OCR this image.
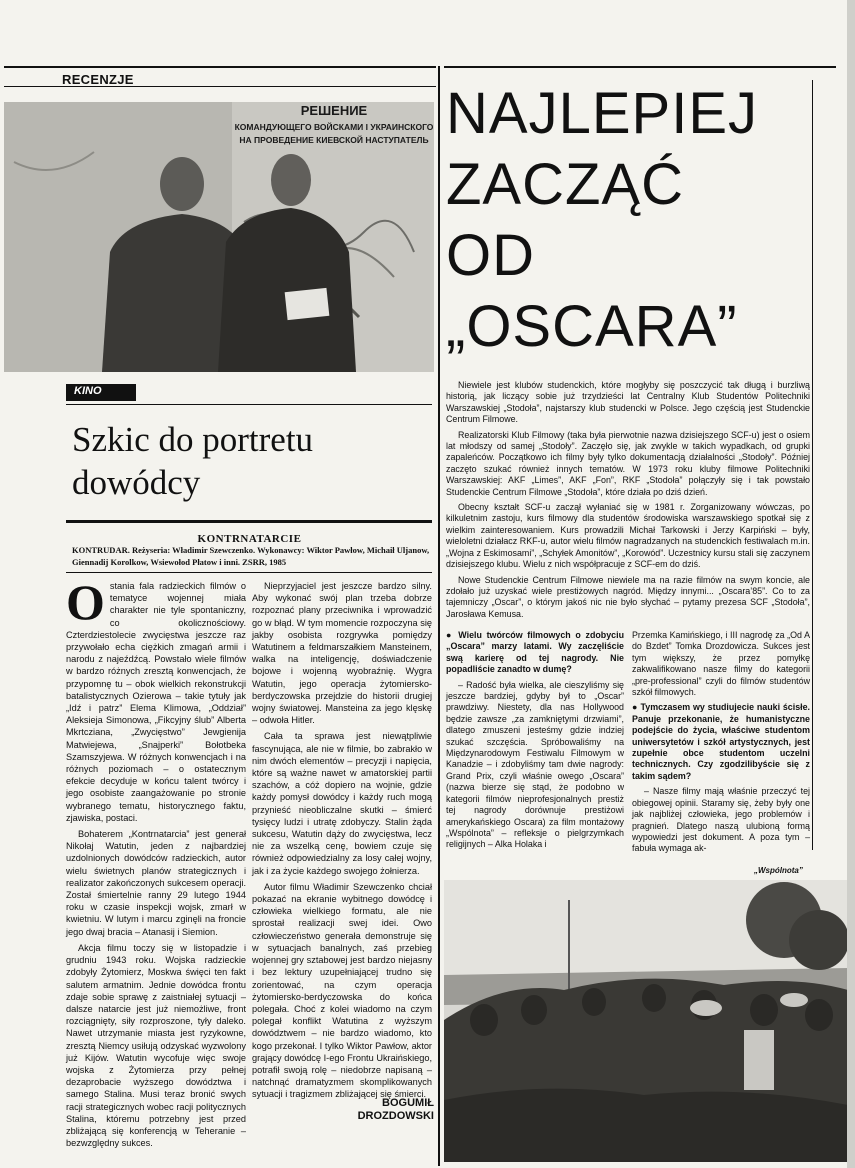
RECENZJE
РЕШЕНИЕ
КОМАНДУЮЩЕГО ВОЙСКАМИ I УКРАИНСКОГО
НА ПРОВЕДЕНИЕ КИЕВСКОЙ НАСТУПАТЕЛЬ
KINO
Szkic do portretu
dowódcy
KONTRNATARCIE
KONTRUDAR. Reżyseria: Władimir Szewczenko. Wykonawcy: Wiktor Pawłow, Michaił Uljanow, Giennadij Korolkow, Wsiewołod Płatow i inni. ZSRR, 1985

Ostania fala radzieckich filmów o tematyce wojennej miała charakter nie tyle spontaniczny, co okolicznościowy. Czterdziestolecie zwycięstwa jeszcze raz przywołało echa ciężkich zmagań armii i narodu z najeźdźcą. Powstało wiele filmów w bardzo różnych zresztą konwencjach, że przypomnę tu – obok wielkich rekonstrukcji batalistycznych Ozierowa – takie tytuły jak „Idź i patrz” Elema Klimowa, „Oddział” Aleksieja Simonowa, „Fikcyjny ślub” Alberta Mkrtcziana, „Zwycięstwo” Jewgienija Matwiejewa, „Snajperki” Bołotbeka Szamszyjewa. W różnych konwencjach i na różnych poziomach – o ostatecznym efekcie decyduje w końcu talent twórcy i jego osobiste zaangażowanie po stronie wybranego tematu, historycznego faktu, zjawiska, postaci.

Bohaterem „Kontrnatarcia” jest generał Nikołaj Watutin, jeden z najbardziej uzdolnionych dowódców radzieckich, autor wielu świetnych planów strategicznych i realizator zakończonych sukcesem operacji. Został śmiertelnie ranny 29 lutego 1944 roku w czasie inspekcji wojsk, zmarł w kwietniu. W lutym i marcu zginęli na froncie jego dwaj bracia – Atanasij i Siemion.

Akcja filmu toczy się w listopadzie i grudniu 1943 roku. Wojska radzieckie zdobyły Żytomierz, Moskwa święci ten fakt salutem armatnim. Jednie dowódca frontu zdaje sobie sprawę z zaistniałej sytuacji – dalsze natarcie jest już niemożliwe, front rozciągnięty, siły rozproszone, tyły daleko. Nawet utrzymanie miasta jest ryzykowne, zresztą Niemcy usiłują odzyskać wyzwolony już Kijów. Watutin wycofuje więc swoje wojska z Żytomierza przy pełnej dezaprobacie wyższego dowództwa i samego Stalina. Musi teraz bronić swych racji strategicznych wobec racji politycznych Stalina, któremu potrzebny jest przed zbliżającą się konferencją w Teheranie – bezwzględny sukces.

Nieprzyjaciel jest jeszcze bardzo silny. Aby wykonać swój plan trzeba dobrze rozpoznać plany przeciwnika i wprowadzić go w błąd. W tym momencie rozpoczyna się jakby osobista rozgrywka pomiędzy Watutinem a feldmarszałkiem Mansteinem, walka na inteligencję, doświadczenie bojowe i wojenną wyobraźnię. Wygra Watutin, jego operacja żytomiersko-berdyczowska przejdzie do historii drugiej wojny światowej. Mansteina za jego klęskę – odwoła Hitler.

Cała ta sprawa jest niewątpliwie fascynująca, ale nie w filmie, bo zabrakło w nim dwóch elementów – precyzji i napięcia, które są ważne nawet w amatorskiej partii szachów, a cóż dopiero na wojnie, gdzie każdy pomysł dowódcy i każdy ruch mogą przynieść nieobliczalne skutki – śmierć tysięcy ludzi i utratę zdobyczy. Stalin żąda sukcesu, Watutin dąży do zwycięstwa, lecz nie za wszelką cenę, bowiem czuje się również odpowiedzialny za losy całej wojny, jak i za życie każdego swojego żołnierza.

Autor filmu Władimir Szewczenko chciał pokazać na ekranie wybitnego dowódcę i człowieka wielkiego formatu, ale nie sprostał realizacji swej idei. Owo człowieczeństwo generała demonstruje się w sytuacjach banalnych, zaś przebieg wojennej gry sztabowej jest bardzo niejasny i bez lektury uzupełniającej trudno się zorientować, na czym operacja żytomiersko-berdyczowska do końca polegała. Choć z kolei wiadomo na czym polegał konflikt Watutina z wyższym dowództwem – nie bardzo wiadomo, kto kogo przekonał. I tylko Wiktor Pawłow, aktor grający dowódcę I-ego Frontu Ukraińskiego, potrafił swoją rolę – niedobrze napisaną – natchnąć dramatyzmem skomplikowanych sytuacji i tragizmem zbliżającej się śmierci.

BOGUMIŁ
DROZDOWSKI
NAJLEPIEJ
ZACZĄĆ
OD
„OSCARA”

Niewiele jest klubów studenckich, które mogłyby się poszczycić tak długą i burzliwą historią, jak liczący sobie już trzydzieści lat Centralny Klub Studentów Politechniki Warszawskiej „Stodoła”, najstarszy klub studencki w Polsce. Jego częścią jest Studenckie Centrum Filmowe.

Realizatorski Klub Filmowy (taka była pierwotnie nazwa dzisiejszego SCF-u) jest o osiem lat młodszy od samej „Stodoły”. Zaczęło się, jak zwykle w takich wypadkach, od grupki zapaleńców. Początkowo ich filmy były tylko dokumentacją działalności „Stodoły”. Później zaczęto szukać również innych tematów. W 1973 roku kluby filmowe Politechniki Warszawskiej: AKF „Limes”, AKF „Fon”, RKF „Stodoła” połączyły się i tak powstało Studenckie Centrum Filmowe „Stodoła”, które działa po dziś dzień.

Obecny kształt SCF-u zaczął wyłaniać się w 1981 r. Zorganizowany wówczas, po kilkuletnim zastoju, kurs filmowy dla studentów środowiska warszawskiego spotkał się z wielkim zainteresowaniem. Kurs prowadzili Michał Tarkowski i Jerzy Karpiński – były, wieloletni działacz RKF-u, autor wielu filmów nagradzanych na studenckich festiwalach m.in. „Wojna z Eskimosami”, „Schyłek Amonitów”, „Korowód”. Uczestnicy kursu stali się zaczynem dzisiejszego klubu. Wielu z nich współpracuje z SCF-em do dziś.

Nowe Studenckie Centrum Filmowe niewiele ma na razie filmów na swym koncie, ale zdołało już uzyskać wiele prestiżowych nagród. Między innymi... „Oscara’85”. Co to za tajemniczy „Oscar”, o którym jakoś nic nie było słychać – pytamy prezesa SCF „Stodoła”, Jarosława Kemusa.

● Wielu twórców filmowych o zdobyciu „Oscara” marzy latami. Wy zaczęliście swą karierę od tej nagrody. Nie popadliście zanadto w dumę?

– Radość była wielka, ale cieszyliśmy się jeszcze bardziej, gdyby był to „Oscar” prawdziwy. Niestety, dla nas Hollywood będzie zawsze „za zamkniętymi drzwiami”, dlatego zmuszeni jesteśmy gdzie indziej szukać szczęścia. Spróbowaliśmy na Międzynarodowym Festiwalu Filmowym w Kanadzie – i zdobyliśmy tam dwie nagrody: Grand Prix, czyli właśnie owego „Oscara” (nazwa bierze się stąd, że podobno w kategorii filmów nieprofesjonalnych prestiż tej nagrody dorównuje prestiżowi amerykańskiego Oscara) za film montażowy „Wspólnota” – refleksje o pielgrzymkach religijnych – Alka Holaka i

Przemka Kamińskiego, i III nagrodę za „Od A do Bzdet” Tomka Drozdowicza. Sukces jest tym większy, że przez pomyłkę zakwalifikowano nasze filmy do kategorii „pre-professional” czyli do filmów studentów szkół filmowych.

● Tymczasem wy studiujecie nauki ścisłe. Panuje przekonanie, że humanistyczne podejście do życia, właściwe studentom uniwersytetów i szkół artystycznych, jest zupełnie obce studentom uczelni technicznych. Czy zgodzilibyście się z takim sądem?

– Nasze filmy mają właśnie przeczyć tej obiegowej opinii. Staramy się, żeby były one jak najbliżej człowieka, jego problemów i pragnień. Dlatego naszą ulubioną formą wypowiedzi jest dokument. A poza tym – fabuła wymaga ak-

„Wspólnota”
